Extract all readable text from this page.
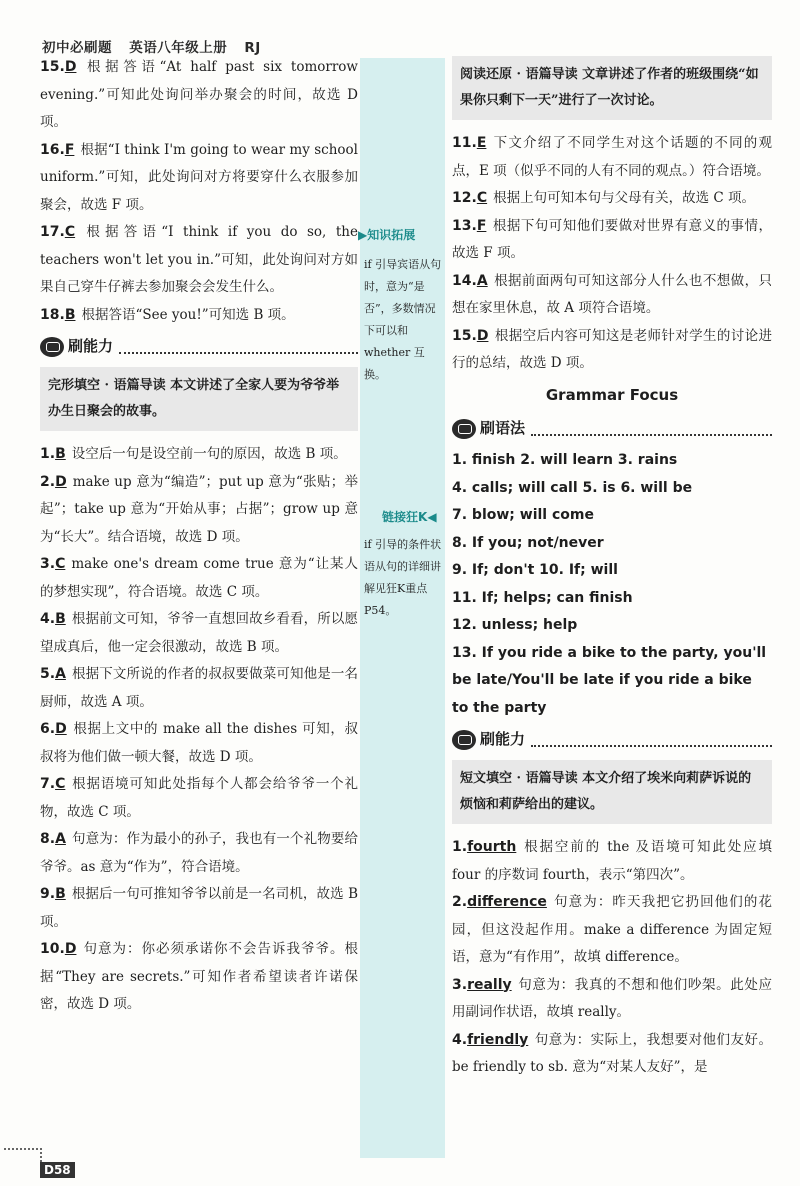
初中必刷题 英语八年级上册 RJ
▶知识拓展
if 引导宾语从句时，意为“是否”，多数情况下可以和 whether 互换。
链接狂K◀
if 引导的条件状语从句的详细讲解见狂K重点 P54。
15.D 根据答语“At half past six tomorrow evening.”可知此处询问举办聚会的时间，故选 D 项。
16.F 根据“I think I'm going to wear my school uniform.”可知，此处询问对方将要穿什么衣服参加聚会，故选 F 项。
17.C 根据答语“I think if you do so, the teachers won't let you in.”可知，此处询问对方如果自己穿牛仔裤去参加聚会会发生什么。
18.B 根据答语“See you!”可知选 B 项。
刷能力
完形填空 · 语篇导读 本文讲述了全家人要为爷爷举办生日聚会的故事。
1.B 设空后一句是设空前一句的原因，故选 B 项。
2.D make up 意为“编造”；put up 意为“张贴；举起”；take up 意为“开始从事；占据”；grow up 意为“长大”。结合语境，故选 D 项。
3.C make one's dream come true 意为“让某人的梦想实现”，符合语境。故选 C 项。
4.B 根据前文可知，爷爷一直想回故乡看看，所以愿望成真后，他一定会很激动，故选 B 项。
5.A 根据下文所说的作者的叔叔要做菜可知他是一名厨师，故选 A 项。
6.D 根据上文中的 make all the dishes 可知，叔叔将为他们做一顿大餐，故选 D 项。
7.C 根据语境可知此处指每个人都会给爷爷一个礼物，故选 C 项。
8.A 句意为：作为最小的孙子，我也有一个礼物要给爷爷。as 意为“作为”，符合语境。
9.B 根据后一句可推知爷爷以前是一名司机，故选 B 项。
10.D 句意为：你必须承诺你不会告诉我爷爷。根据“They are secrets.”可知作者希望读者许诺保密，故选 D 项。
阅读还原 · 语篇导读 文章讲述了作者的班级围绕“如果你只剩下一天”进行了一次讨论。
11.E 下文介绍了不同学生对这个话题的不同的观点，E 项（似乎不同的人有不同的观点。）符合语境。
12.C 根据上句可知本句与父母有关，故选 C 项。
13.F 根据下句可知他们要做对世界有意义的事情，故选 F 项。
14.A 根据前面两句可知这部分人什么也不想做，只想在家里休息，故 A 项符合语境。
15.D 根据空后内容可知这是老师针对学生的讨论进行的总结，故选 D 项。
Grammar Focus
刷语法
1. finish 2. will learn 3. rains
4. calls; will call 5. is 6. will be
7. blow; will come
8. If you; not/never
9. If; don't 10. If; will
11. If; helps; can finish
12. unless; help
13. If you ride a bike to the party, you'll be late/You'll be late if you ride a bike to the party
刷能力
短文填空 · 语篇导读 本文介绍了埃米向莉萨诉说的烦恼和莉萨给出的建议。
1.fourth 根据空前的 the 及语境可知此处应填 four 的序数词 fourth，表示“第四次”。
2.difference 句意为：昨天我把它扔回他们的花园，但这没起作用。make a difference 为固定短语，意为“有作用”，故填 difference。
3.really 句意为：我真的不想和他们吵架。此处应用副词作状语，故填 really。
4.friendly 句意为：实际上，我想要对他们友好。be friendly to sb. 意为“对某人友好”，是
D58
